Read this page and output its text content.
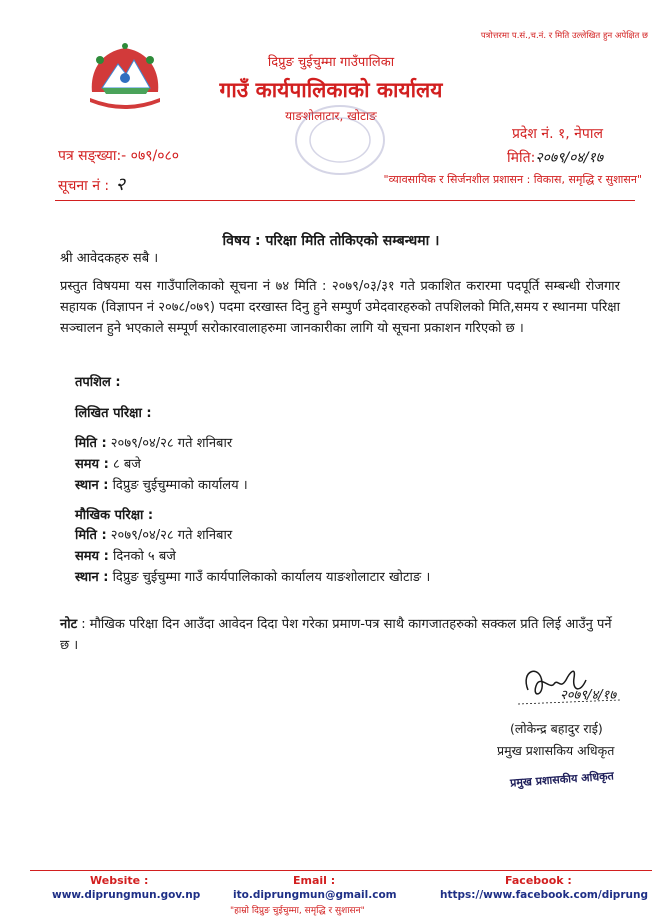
पत्रोत्तरमा प.सं.,च.नं. र मिति उल्लेखित हुन अपेक्षित छ
दिप्रुङ चुईचुम्मा गाउँपालिका
गाउँ कार्यपालिकाको कार्यालय
याङशोलाटार, खोटाङ
पत्र सङ्ख्या:- ०७९/०८०
सूचना नं : २
प्रदेश नं. १, नेपाल
मिति:२०७९/०४/१७
"व्यावसायिक र सिर्जनशील प्रशासन : विकास, समृद्धि र सुशासन"
विषय : परिक्षा मिति तोकिएको सम्बन्धमा ।
श्री आवेदकहरु सबै ।
प्रस्तुत विषयमा यस गाउँपालिकाको सूचना नं ७४ मिति : २०७९/०३/३१ गते प्रकाशित करारमा पदपूर्ति सम्बन्धी रोजगार सहायक (विज्ञापन नं २०७८/०७९) पदमा दरखास्त दिनु हुने सम्पुर्ण उमेदवारहरुको तपशिलको मिति,समय र स्थानमा परिक्षा सञ्चालन हुने भएकाले सम्पूर्ण सरोकारवालाहरुमा जानकारीका लागि यो सूचना प्रकाशन गरिएको छ ।
तपशिल :
लिखित परिक्षा :
मिति : २०७९/०४/२८ गते शनिबार
समय : ८ बजे
स्थान : दिप्रुङ चुईचुम्माको कार्यालय ।
मौखिक परिक्षा :
मिति : २०७९/०४/२८ गते शनिबार
समय : दिनको ५ बजे
स्थान : दिप्रुङ चुईचुम्मा गाउँ कार्यपालिकाको कार्यालय याङशोलाटार खोटाङ ।
नोट : मौखिक परिक्षा दिन आउँदा आवेदन दिदा पेश गरेका प्रमाण-पत्र साथै कागजातहरुको सक्कल प्रति लिई आउँनु पर्ने छ ।
२०७९/४/१७
(लोकेन्द्र बहादुर राई)
प्रमुख प्रशासकिय अधिकृत
प्रमुख प्रशासकीय अधिकृत
Website :
www.diprungmun.gov.np
Email :
ito.diprungmun@gmail.com
Facebook :
https://www.facebook.com/diprung
"हाम्रो दिप्रुङ चुईचुम्मा, समृद्धि र सुशासन"
